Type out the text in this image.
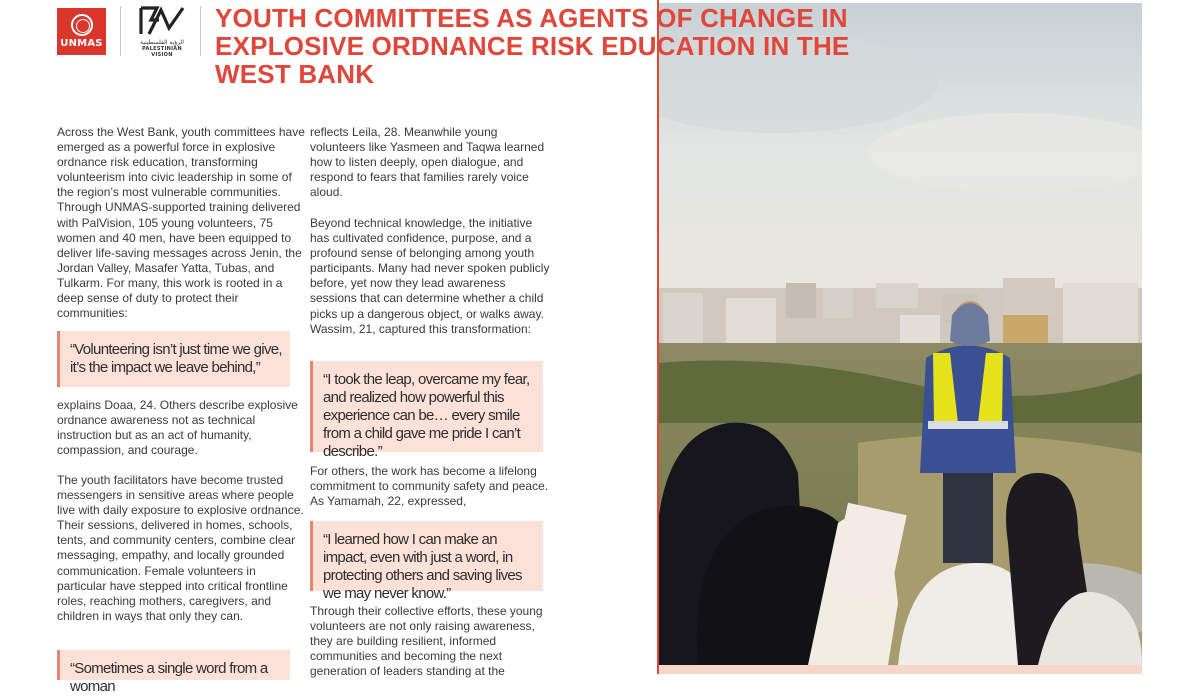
UNMAS	الرؤية الفلسطينية
PALESTINIAN VISION
YOUTH COMMITTEES AS AGENTS OF CHANGE IN EXPLOSIVE ORDNANCE RISK EDUCATION IN THE WEST BANK

Across the West Bank, youth committees have emerged as a powerful force in explosive ordnance risk education, transforming volunteerism into civic leadership in some of the region’s most vulnerable communities. Through UNMAS-supported training delivered with PalVision, 105 young volunteers, 75 women and 40 men, have been equipped to deliver life-saving messages across Jenin, the Jordan Valley, Masafer Yatta, Tubas, and Tulkarm. For many, this work is rooted in a deep sense of duty to protect their communities:

“Volunteering isn’t just time we give, it’s the impact we leave behind,”

explains Doaa, 24. Others describe explosive ordnance awareness not as technical instruction but as an act of humanity, compassion, and courage.

The youth facilitators have become trusted messengers in sensitive areas where people live with daily exposure to explosive ordnance. Their sessions, delivered in homes, schools, tents, and community centers, combine clear messaging, empathy, and locally grounded communication. Female volunteers in particular have stepped into critical frontline roles, reaching mothers, caregivers, and children in ways that only they can.

“Sometimes a single word from a woman

reflects Leila, 28. Meanwhile young volunteers like Yasmeen and Taqwa learned how to listen deeply, open dialogue, and respond to fears that families rarely voice aloud.

Beyond technical knowledge, the initiative has cultivated confidence, purpose, and a profound sense of belonging among youth participants. Many had never spoken publicly before, yet now they lead awareness sessions that can determine whether a child picks up a dangerous object, or walks away. Wassim, 21, captured this transformation:

“I took the leap, overcame my fear, and realized how powerful this experience can be… every smile from a child gave me pride I can’t describe.”

For others, the work has become a lifelong commitment to community safety and peace. As Yamamah, 22, expressed,

“I learned how I can make an impact, even with just a word, in protecting others and saving lives we may never know.”

Through their collective efforts, these young volunteers are not only raising awareness, they are building resilient, informed communities and becoming the next generation of leaders standing at the
